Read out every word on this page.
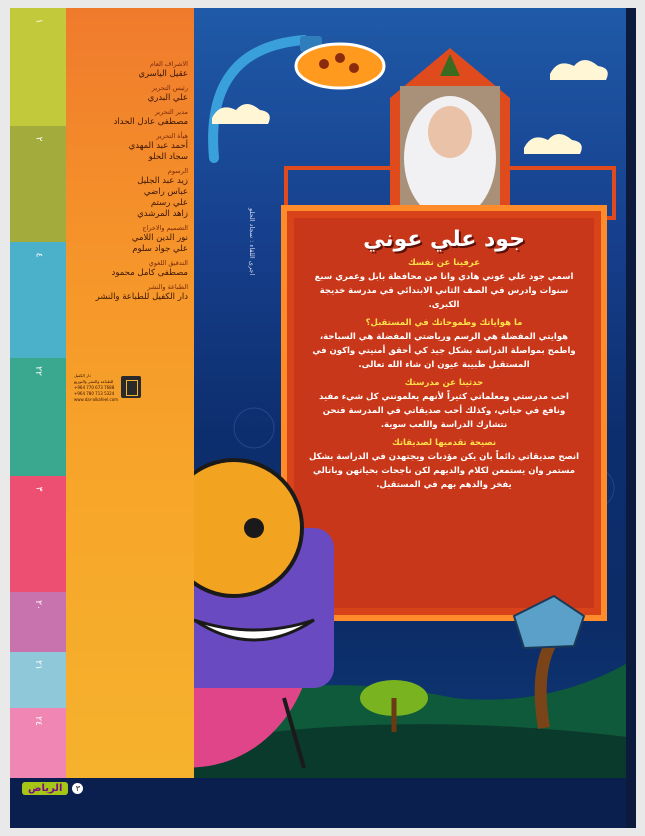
١
٢
٤
٢٢
٣
٢٠
٢١
٢٤
الاشراف العام
عقيل الياسري
رئيس التحرير
علي البدري
مدير التحرير
مصطفى عادل الحداد
هيأة التحرير
أحمد عبد المهدي
سجاد الحلو
الرسوم
زيد عبد الجليل
عباس راضي
علي رستم
زاهد المرشدي
التصميم والاخراج
نور الدين اللامي
علي جواد سلوم
التدقيق اللغوي
مصطفى كامل محمود
الطباعة والنشر
دار الكفيل للطباعة والنشر
دار الكفيل
للطباعة والنشر والتوزيع
+964 770 673 7688
+964 780 713 5324
www.dar-alkafeel.com
اجرى اللقاء : سجاد الحلو	جود علي عوني
عرفينا عن نفسك
اسمي جود علي عوني هادي وانا من محافظة بابل وعمري سبع سنوات وادرس في الصف الثاني الابتدائي في مدرسة خديجة الكبرى.
ما هواياتك وطموحاتك في المستقبل؟
هوايتي المفضلة هي الرسم ورياضتي المفضلة هي السباحة، واطمح بمواصلة الدراسة بشكل جيد كي أحقق أمنيتي واكون في المستقبل طبيبة عيون ان شاء الله تعالى.
حدثينا عن مدرستك
احب مدرستي ومعلماتي كثيراً لأنهم يعلمونني كل شيء مفيد ونافع في حياتي، وكذلك أحب صديقاتي في المدرسة فنحن نتشارك الدراسة واللعب سوية.
نصيحة تقدميها لصديقاتك
انصح صديقاتي دائماً بان يكن مؤدبات ويجتهدن في الدراسة بشكل مستمر وان يستمعن لكلام والديهم لكن ناجحات بحياتهن وباتالي يفخر والدهم بهم في المستقبل.
الرياض	٣
